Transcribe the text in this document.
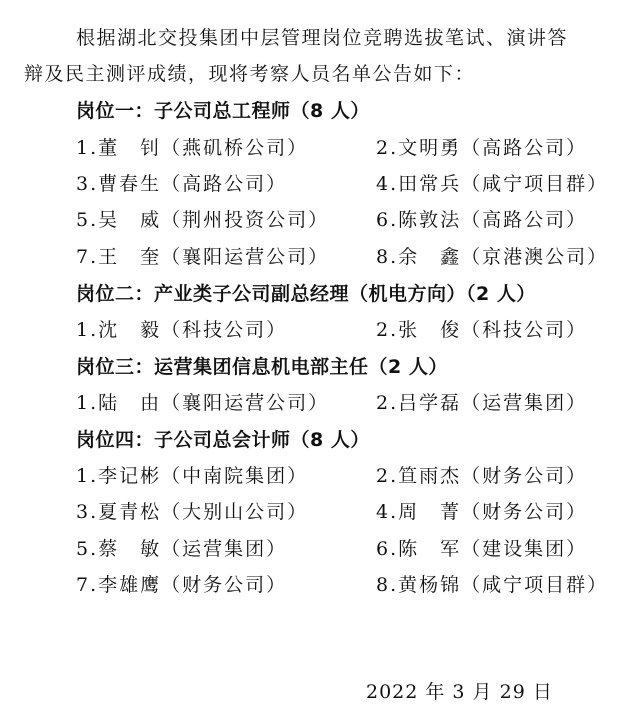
根据湖北交投集团中层管理岗位竞聘选拔笔试、演讲答
辩及民主测评成绩，现将考察人员名单公告如下：
岗位一：子公司总工程师（8 人）
1.董　钊（燕矶桥公司）	2.文明勇（高路公司）
3.曹春生（高路公司）	4.田常兵（咸宁项目群）
5.吴　威（荆州投资公司） 6.陈敦法（高路公司）
7.王　奎（襄阳运营公司） 8.余　鑫（京港澳公司）
岗位二：产业类子公司副总经理（机电方向）（2 人）
1.沈　毅（科技公司）	2.张　俊（科技公司）
岗位三：运营集团信息机电部主任（2 人）
1.陆　由（襄阳运营公司） 2.吕学磊（运营集团）
岗位四：子公司总会计师（8 人）
1.李记彬（中南院集团）	2.笪雨杰（财务公司）
3.夏青松（大别山公司）	4.周　菁（财务公司）
5.蔡　敏（运营集团）	6.陈　军（建设集团）
7.李雄鹰（财务公司）	8.黄杨锦（咸宁项目群）
2022 年 3 月 29 日
